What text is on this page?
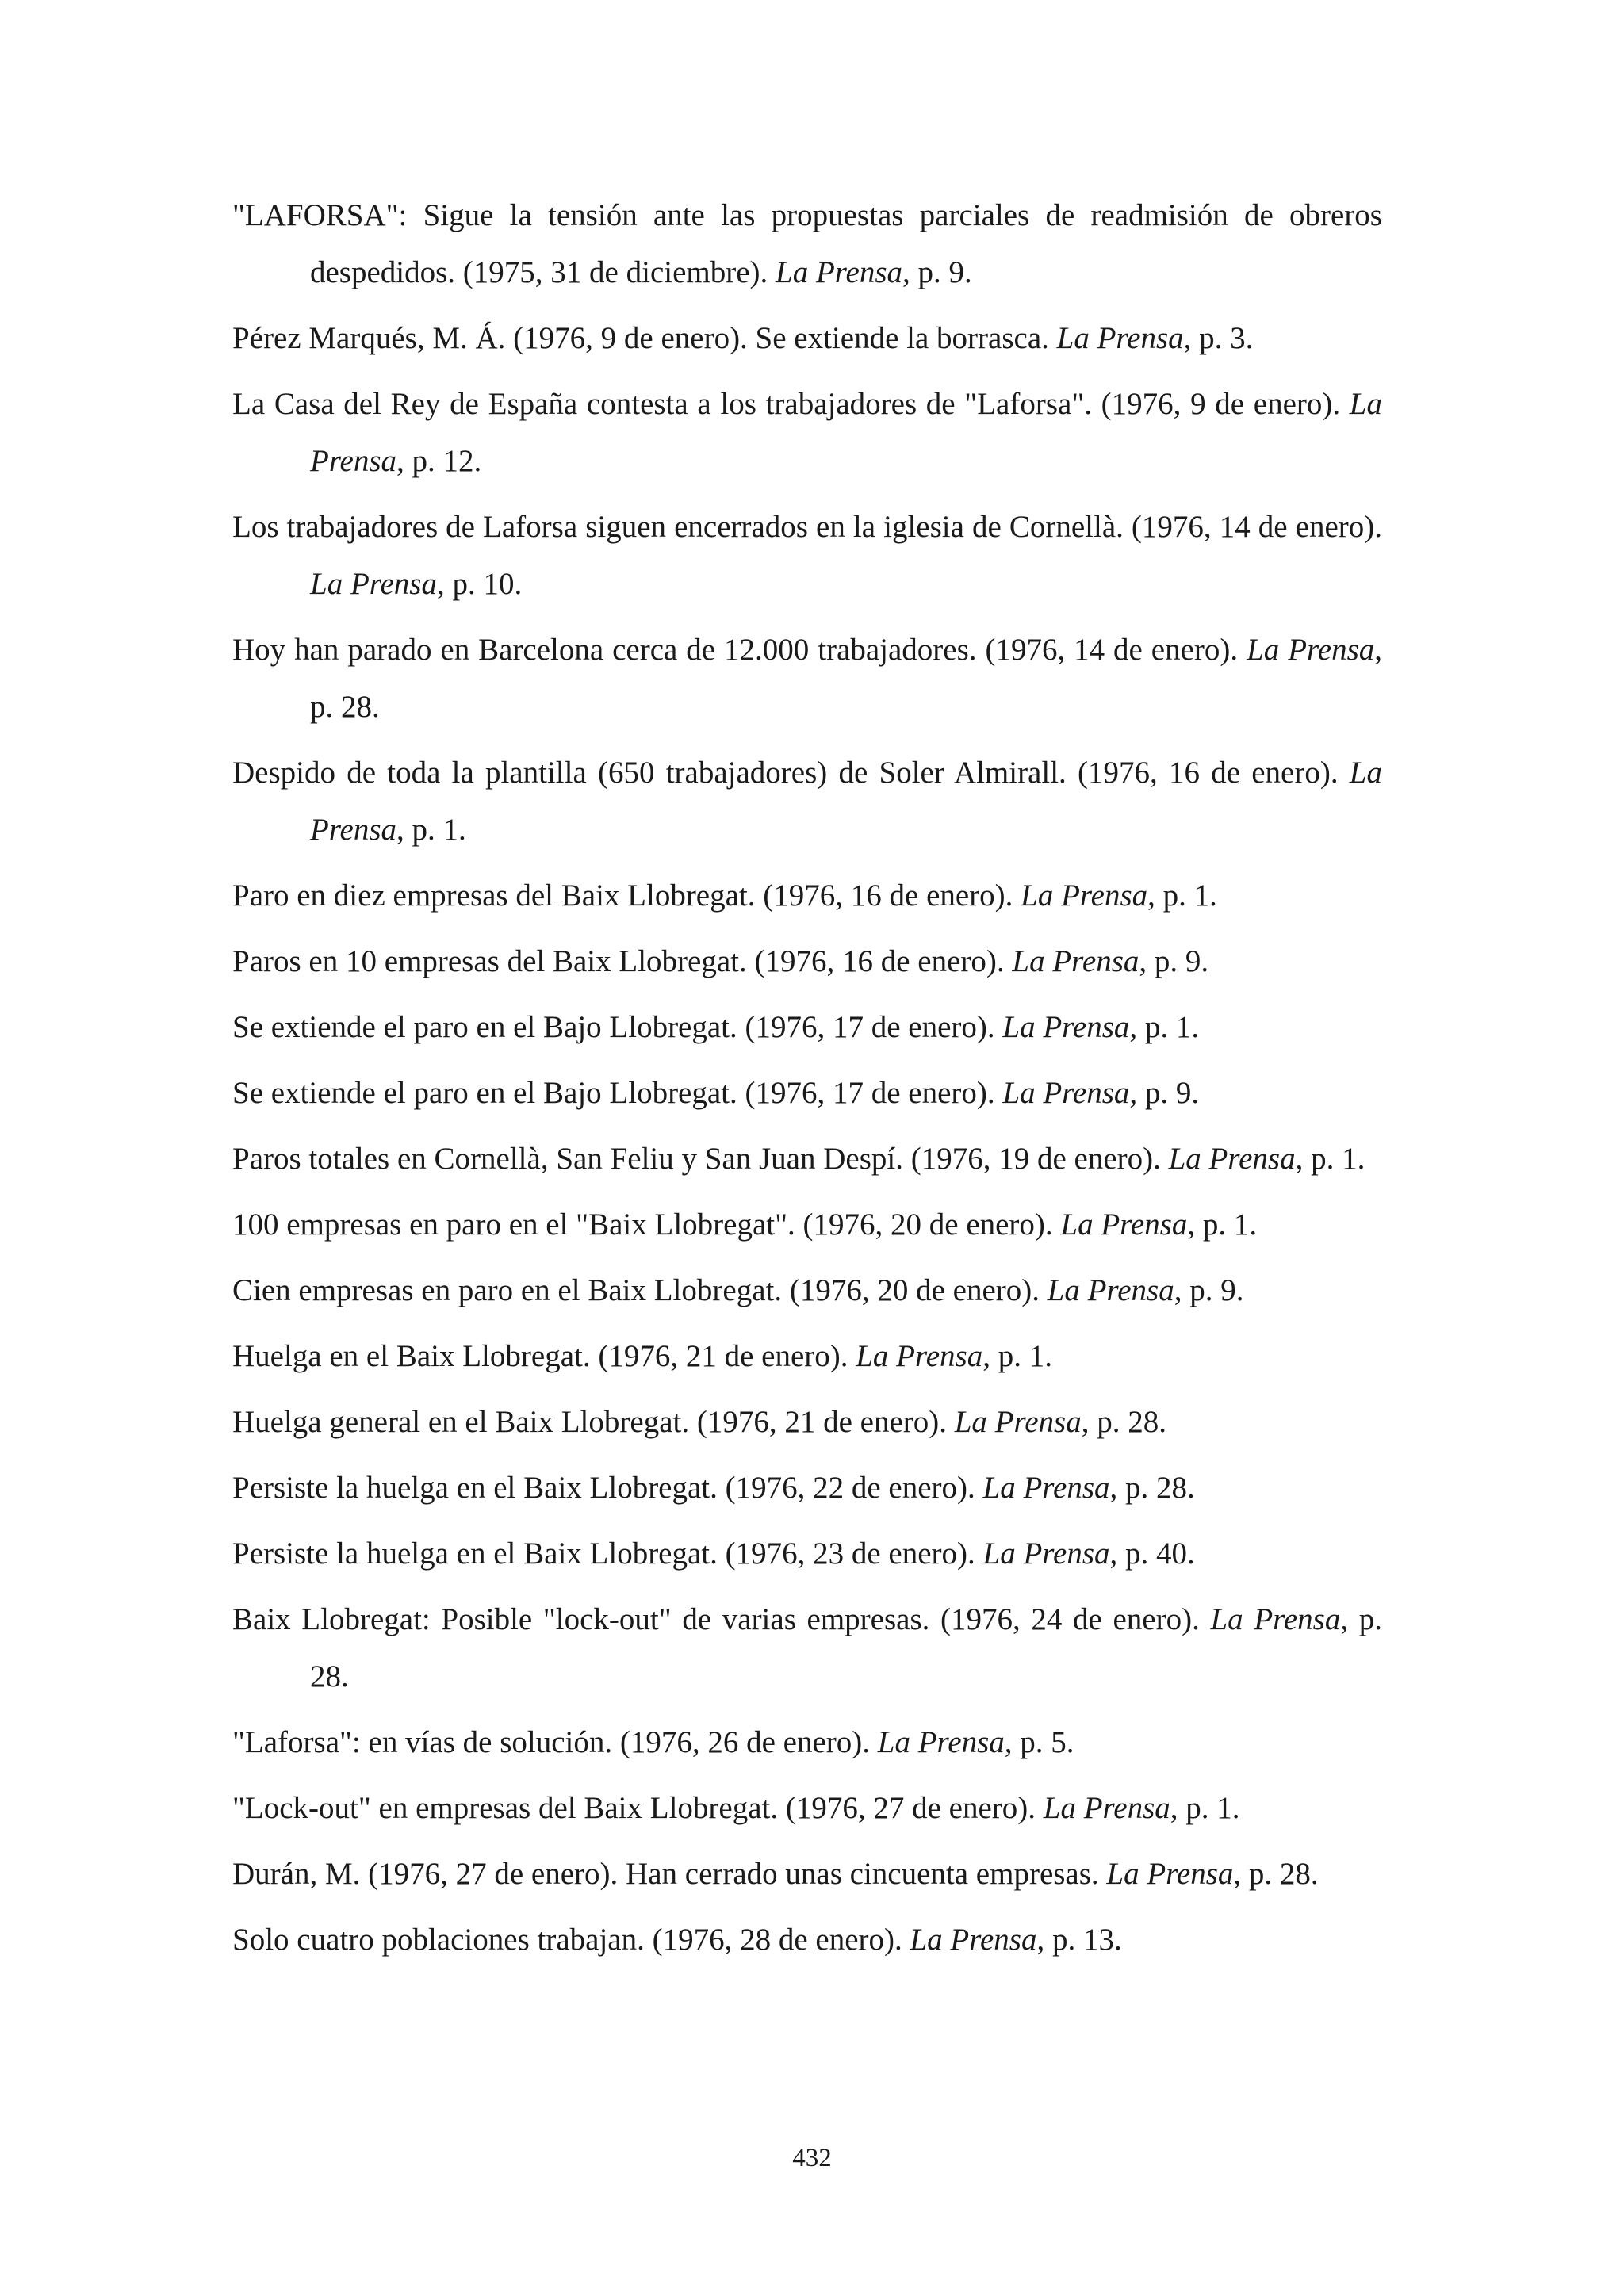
"LAFORSA": Sigue la tensión ante las propuestas parciales de readmisión de obreros despedidos. (1975, 31 de diciembre). La Prensa, p. 9.
Pérez Marqués, M. Á. (1976, 9 de enero). Se extiende la borrasca. La Prensa, p. 3.
La Casa del Rey de España contesta a los trabajadores de "Laforsa". (1976, 9 de enero). La Prensa, p. 12.
Los trabajadores de Laforsa siguen encerrados en la iglesia de Cornellà. (1976, 14 de enero). La Prensa, p. 10.
Hoy han parado en Barcelona cerca de 12.000 trabajadores. (1976, 14 de enero). La Prensa, p. 28.
Despido de toda la plantilla (650 trabajadores) de Soler Almirall. (1976, 16 de enero). La Prensa, p. 1.
Paro en diez empresas del Baix Llobregat. (1976, 16 de enero). La Prensa, p. 1.
Paros en 10 empresas del Baix Llobregat. (1976, 16 de enero). La Prensa, p. 9.
Se extiende el paro en el Bajo Llobregat. (1976, 17 de enero). La Prensa, p. 1.
Se extiende el paro en el Bajo Llobregat. (1976, 17 de enero). La Prensa, p. 9.
Paros totales en Cornellà, San Feliu y San Juan Despí. (1976, 19 de enero). La Prensa, p. 1.
100 empresas en paro en el "Baix Llobregat". (1976, 20 de enero). La Prensa, p. 1.
Cien empresas en paro en el Baix Llobregat. (1976, 20 de enero). La Prensa, p. 9.
Huelga en el Baix Llobregat. (1976, 21 de enero). La Prensa, p. 1.
Huelga general en el Baix Llobregat. (1976, 21 de enero). La Prensa, p. 28.
Persiste la huelga en el Baix Llobregat. (1976, 22 de enero). La Prensa, p. 28.
Persiste la huelga en el Baix Llobregat. (1976, 23 de enero). La Prensa, p. 40.
Baix Llobregat: Posible "lock-out" de varias empresas. (1976, 24 de enero). La Prensa, p. 28.
"Laforsa": en vías de solución. (1976, 26 de enero). La Prensa, p. 5.
"Lock-out" en empresas del Baix Llobregat. (1976, 27 de enero). La Prensa, p. 1.
Durán, M. (1976, 27 de enero). Han cerrado unas cincuenta empresas. La Prensa, p. 28.
Solo cuatro poblaciones trabajan. (1976, 28 de enero). La Prensa, p. 13.
432
